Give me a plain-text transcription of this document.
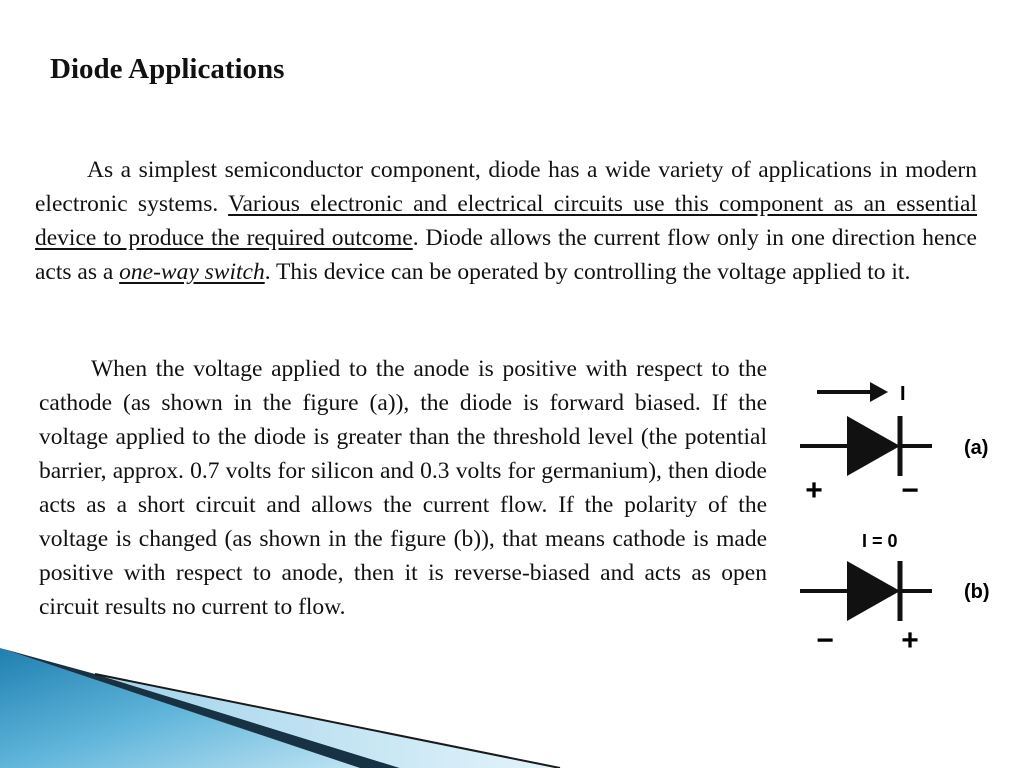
Diode Applications

As a simplest semiconductor component, diode has a wide variety of applications in modern electronic systems. Various electronic and electrical circuits use this component as an essential device to produce the required outcome. Diode allows the current flow only in one direction hence acts as a one-way switch. This device can be operated by controlling the voltage applied to it.

When the voltage applied to the anode is positive with respect to the cathode (as shown in the figure (a)), the diode is forward biased. If the voltage applied to the diode is greater than the threshold level (the potential barrier, approx. 0.7 volts for silicon and 0.3 volts for germanium), then diode acts as a short circuit and allows the current flow. If the polarity of the voltage is changed (as shown in the figure (b)), that means cathode is made positive with respect to anode, then it is reverse-biased and acts as open circuit results no current to flow.

I
(a)
+	−
I = 0
(b)
− +
